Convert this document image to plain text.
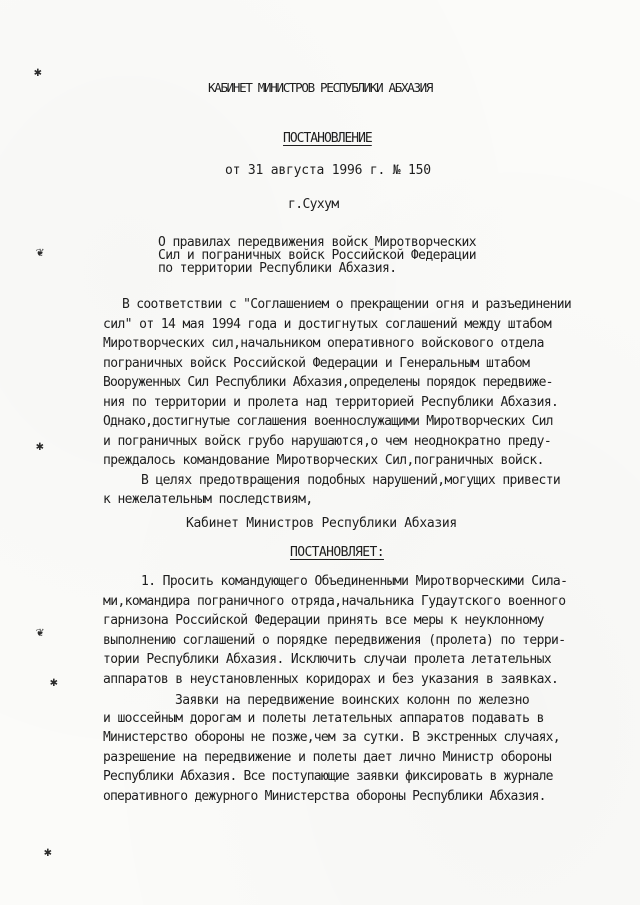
✱
❦
✱
❦
✱
✱
КАБИНЕТ МИНИСТРОВ РЕСПУБЛИКИ АБХАЗИЯ
ПОСТАНОВЛЕНИЕ
от 31 августа 1996 г. № 150
г.Сухум
О правилах передвижения войск Миротворческих
Сил и пограничных войск Российской Федерации
по территории Республики Абхазия.
В соответствии с "Соглашением о прекращении огня и разъединении
сил" от 14 мая 1994 года и достигнутых соглашений между штабом
Миротворческих сил,начальником оперативного войскового отдела
пограничных войск Российской Федерации и Генеральным штабом
Вооруженных Сил Республики Абхазия,определены порядок передвиже-
ния по территории и пролета над территорией Республики Абхазия.
Однако,достигнутые соглашения военнослужащими Миротворческих Сил
и пограничных войск грубо нарушаются,о чем неоднократно преду-
преждалось командование Миротворческих Сил,пограничных войск.
В целях предотвращения подобных нарушений,могущих привести
к нежелательным последствиям,
Кабинет Министров Республики Абхазия
ПОСТАНОВЛЯЕТ:
1. Просить командующего Объединенными Миротворческими Сила-
ми,командира пограничного отряда,начальника Гудаутского военного
гарнизона Российской Федерации принять все меры к неуклонному
выполнению соглашений о порядке передвижения (пролета) по терри-
тории Республики Абхазия. Исключить случаи пролета летательных
аппаратов в неустановленных коридорах и без указания в заявках.
Заявки на передвижение воинских колонн по железно
и шоссейным дорогам и полеты летательных аппаратов подавать в
Министерство обороны не позже,чем за сутки. В экстренных случаях,
разрешение на передвижение и полеты дает лично Министр обороны
Республики Абхазия. Все поступающие заявки фиксировать в журнале
оперативного дежурного Министерства обороны Республики Абхазия.
